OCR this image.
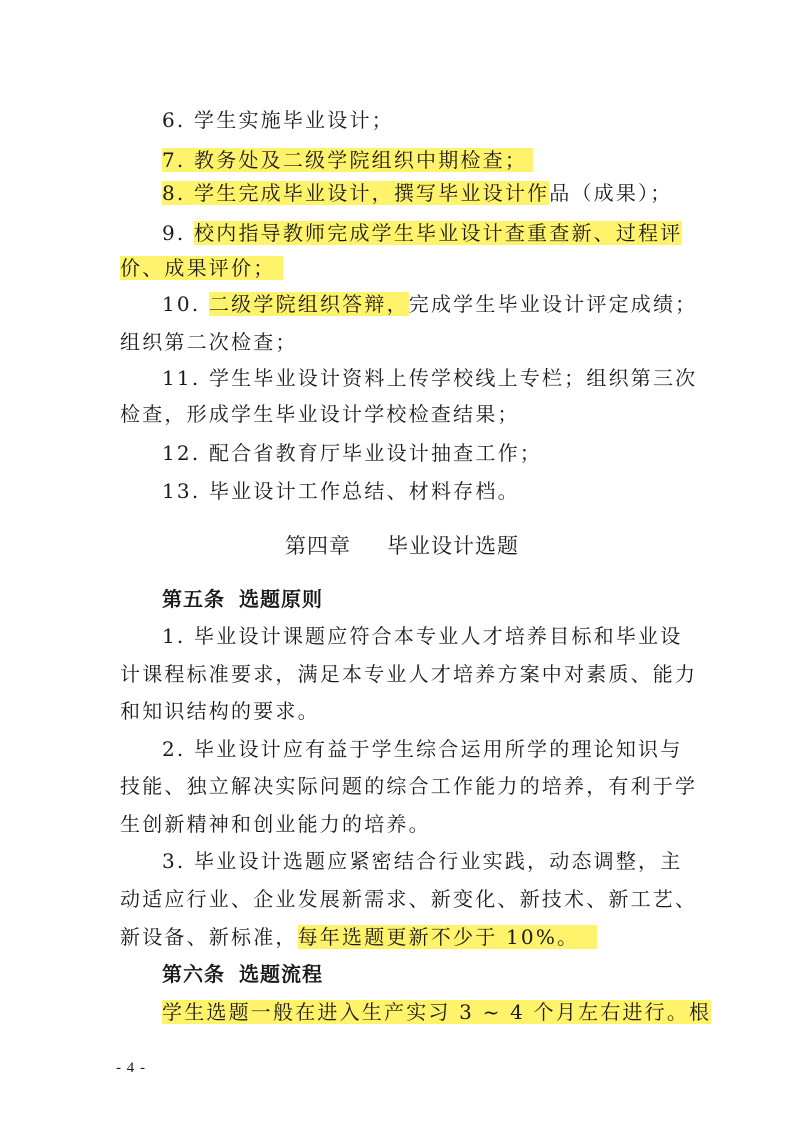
6. 学生实施毕业设计；
7. 教务处及二级学院组织中期检查；
8. 学生完成毕业设计，撰写毕业设计作品（成果）；
9. 校内指导教师完成学生毕业设计查重查新、过程评
价、成果评价；
10. 二级学院组织答辩，完成学生毕业设计评定成绩；
组织第二次检查；
11. 学生毕业设计资料上传学校线上专栏；组织第三次
检查，形成学生毕业设计学校检查结果；
12. 配合省教育厅毕业设计抽查工作；
13. 毕业设计工作总结、材料存档。
第四章 毕业设计选题
第五条 选题原则
1. 毕业设计课题应符合本专业人才培养目标和毕业设
计课程标准要求，满足本专业人才培养方案中对素质、能力
和知识结构的要求。
2. 毕业设计应有益于学生综合运用所学的理论知识与
技能、独立解决实际问题的综合工作能力的培养，有利于学
生创新精神和创业能力的培养。
3. 毕业设计选题应紧密结合行业实践，动态调整，主
动适应行业、企业发展新需求、新变化、新技术、新工艺、
新设备、新标准，每年选题更新不少于 10%。
第六条 选题流程
学生选题一般在进入生产实习 3 ~ 4 个月左右进行。根
- 4 -
